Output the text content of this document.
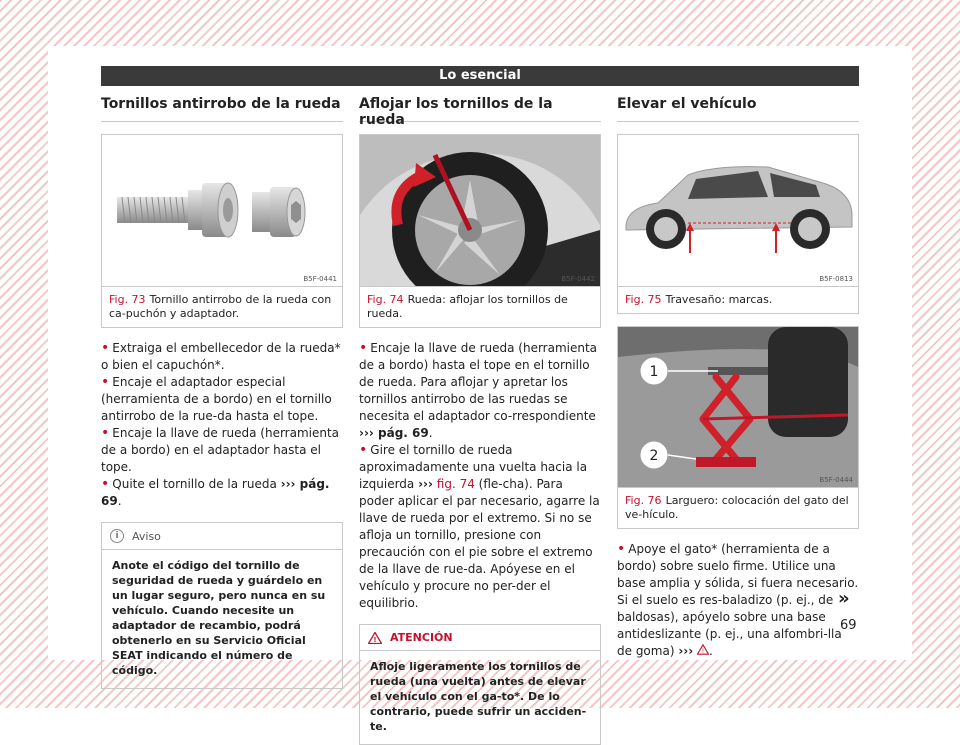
Lo esencial
Tornillos antirrobo de la rueda
B5F-0441
Fig. 73 Tornillo antirrobo de la rueda con ca-puchón y adaptador.
• Extraiga el embellecedor de la rueda* o bien el capuchón*.
• Encaje el adaptador especial (herramienta de a bordo) en el tornillo antirrobo de la rue-da hasta el tope.
• Encaje la llave de rueda (herramienta de a bordo) en el adaptador hasta el tope.
• Quite el tornillo de la rueda ››› pág. 69.
i	Aviso
Anote el código del tornillo de seguridad de rueda y guárdelo en un lugar seguro, pero nunca en su vehículo. Cuando necesite un adaptador de recambio, podrá obtenerlo en su Servicio Oficial SEAT indicando el número de código.
Aflojar los tornillos de la rueda
B5F-0442
Fig. 74 Rueda: aflojar los tornillos de rueda.
• Encaje la llave de rueda (herramienta de a bordo) hasta el tope en el tornillo de rueda. Para aflojar y apretar los tornillos antirrobo de las ruedas se necesita el adaptador co-rrespondiente ››› pág. 69.
• Gire el tornillo de rueda aproximadamente una vuelta hacia la izquierda ››› fig. 74 (fle-cha). Para poder aplicar el par necesario, agarre la llave de rueda por el extremo. Si no se afloja un tornillo, presione con precaución con el pie sobre el extremo de la llave de rue-da. Apóyese en el vehículo y procure no per-der el equilibrio.
! ATENCIÓN
Afloje ligeramente los tornillos de rueda (una vuelta) antes de elevar el vehículo con el ga-to*. De lo contrario, puede sufrir un acciden-te.
Elevar el vehículo
B5F-0813
Fig. 75 Travesaño: marcas.
1
2
B5F-0444
Fig. 76 Larguero: colocación del gato del ve-hículo.
• Apoye el gato* (herramienta de a bordo) sobre suelo firme. Utilice una base amplia y sólida, si fuera necesario. Si el suelo es res-baladizo (p. ej., de baldosas), apóyelo sobre una base antideslizante (p. ej., una alfombri-lla de goma) ››› ! .
»
69
